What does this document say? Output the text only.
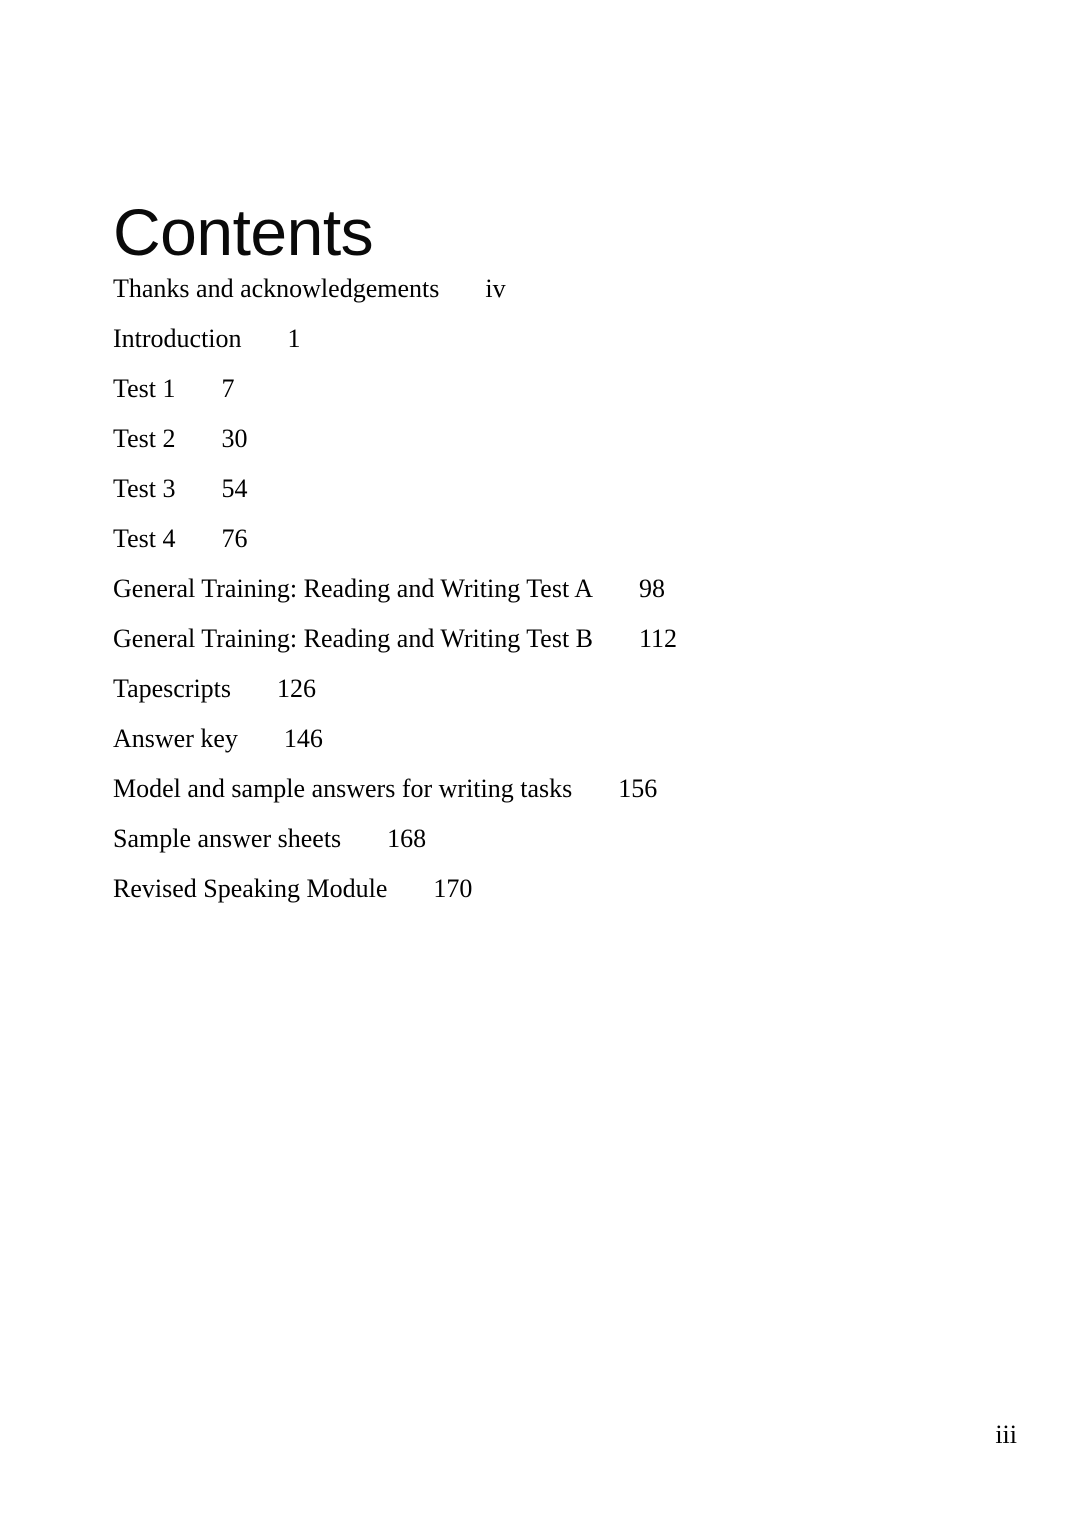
Contents
Thanks and acknowledgements iv
Introduction 1
Test 1 7
Test 2 30
Test 3 54
Test 4 76
General Training: Reading and Writing Test A 98
General Training: Reading and Writing Test B 112
Tapescripts 126
Answer key 146
Model and sample answers for writing tasks 156
Sample answer sheets 168
Revised Speaking Module 170
iii
